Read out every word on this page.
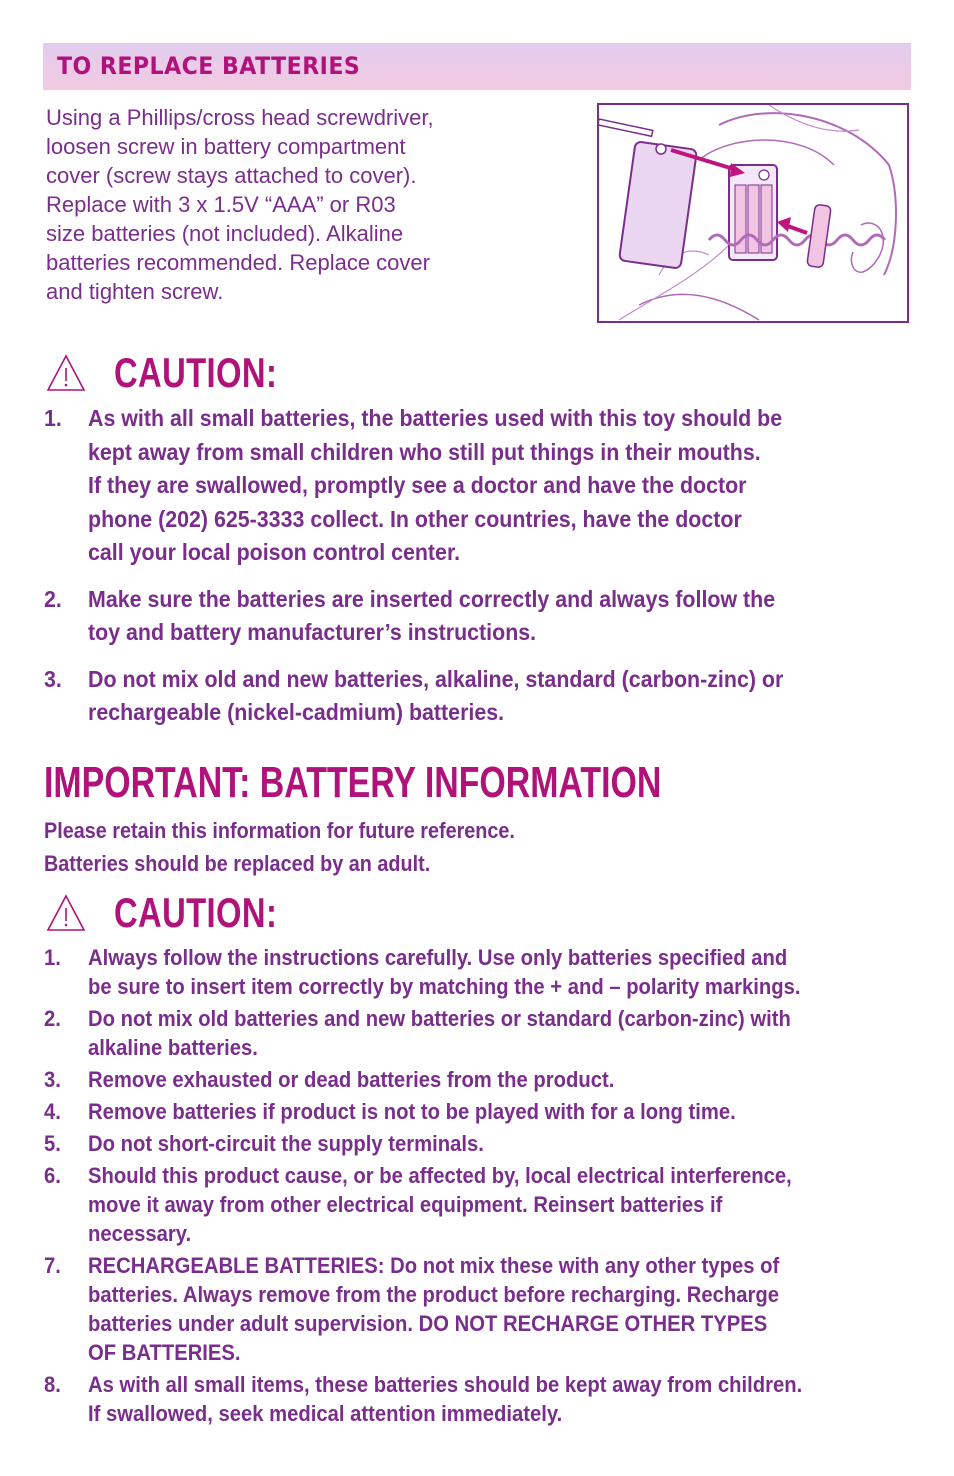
TO REPLACE BATTERIES
Using a Phillips/cross head screwdriver,
loosen screw in battery compartment
cover (screw stays attached to cover).
Replace with 3 x 1.5V “AAA” or R03
size batteries (not included). Alkaline
batteries recommended. Replace cover
and tighten screw.
CAUTION:
1.	As with all small batteries, the batteries used with this toy should be
kept away from small children who still put things in their mouths.
If they are swallowed, promptly see a doctor and have the doctor
phone (202) 625-3333 collect. In other countries, have the doctor
call your local poison control center.
2.	Make sure the batteries are inserted correctly and always follow the
toy and battery manufacturer’s instructions.
3.	Do not mix old and new batteries, alkaline, standard (carbon-zinc) or
rechargeable (nickel-cadmium) batteries.
IMPORTANT: BATTERY INFORMATION
Please retain this information for future reference.
Batteries should be replaced by an adult.
CAUTION:
1.	Always follow the instructions carefully. Use only batteries specified and
be sure to insert item correctly by matching the + and – polarity markings.
2.	Do not mix old batteries and new batteries or standard (carbon-zinc) with
alkaline batteries.
3.	Remove exhausted or dead batteries from the product.
4.	Remove batteries if product is not to be played with for a long time.
5.	Do not short-circuit the supply terminals.
6.	Should this product cause, or be affected by, local electrical interference,
move it away from other electrical equipment. Reinsert batteries if
necessary.
7.	RECHARGEABLE BATTERIES: Do not mix these with any other types of
batteries. Always remove from the product before recharging. Recharge
batteries under adult supervision. DO NOT RECHARGE OTHER TYPES
OF BATTERIES.
8.	As with all small items, these batteries should be kept away from children.
If swallowed, seek medical attention immediately.
